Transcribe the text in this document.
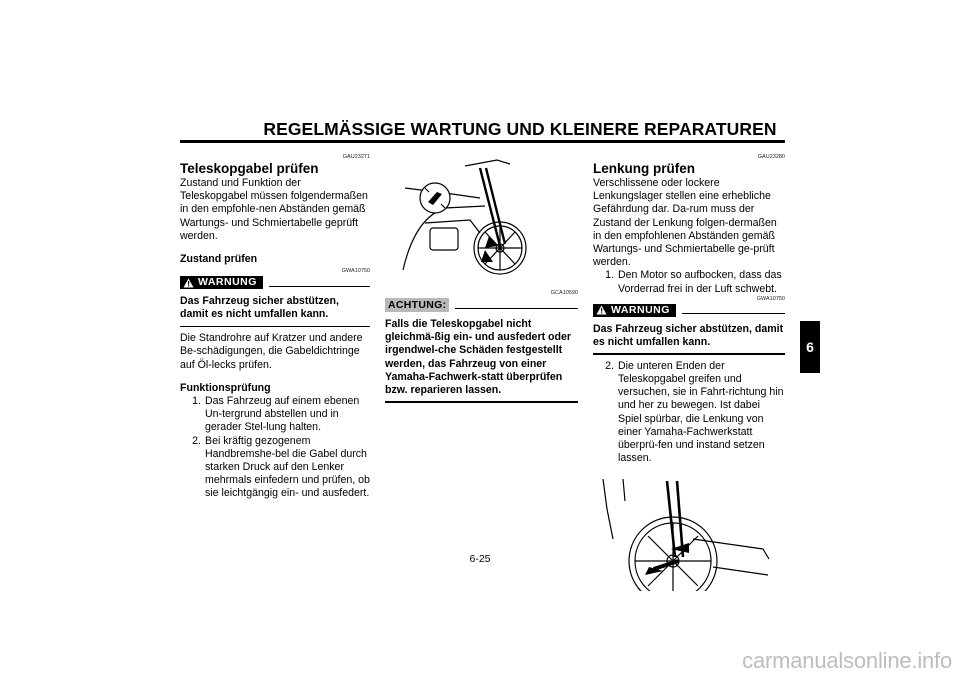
REGELMÄSSIGE WARTUNG UND KLEINERE REPARATUREN
6
GAU23271
Teleskopgabel prüfen

Zustand und Funktion der Teleskopgabel müssen folgendermaßen in den empfohle-nen Abständen gemäß Wartungs- und Schmiertabelle geprüft werden.

Zustand prüfen
GWA10750
WARNUNG
Das Fahrzeug sicher abstützen, damit es nicht umfallen kann.

Die Standrohre auf Kratzer und andere Be-schädigungen, die Gabeldichtringe auf Öl-lecks prüfen.

Funktionsprüfung
1. Das Fahrzeug auf einem ebenen Un-tergrund abstellen und in gerader Stel-lung halten.
2. Bei kräftig gezogenem Handbremshe-bel die Gabel durch starken Druck auf den Lenker mehrmals einfedern und prüfen, ob sie leichtgängig ein- und ausfedert.
GCA10590
ACHTUNG:
Falls die Teleskopgabel nicht gleichmä-ßig ein- und ausfedert oder irgendwel-che Schäden festgestellt werden, das Fahrzeug von einer Yamaha-Fachwerk-statt überprüfen bzw. reparieren lassen.
GAU23280
Lenkung prüfen

Verschlissene oder lockere Lenkungslager stellen eine erhebliche Gefährdung dar. Da-rum muss der Zustand der Lenkung folgen-dermaßen in den empfohlenen Abständen gemäß Wartungs- und Schmiertabelle ge-prüft werden.

1. Den Motor so aufbocken, dass das Vorderrad frei in der Luft schwebt.
GWA10750
WARNUNG
Das Fahrzeug sicher abstützen, damit es nicht umfallen kann.
2. Die unteren Enden der Teleskopgabel greifen und versuchen, sie in Fahrt-richtung hin und her zu bewegen. Ist dabei Spiel spürbar, die Lenkung von einer Yamaha-Fachwerkstatt überprü-fen und instand setzen lassen.
6-25
carmanualsonline.info
